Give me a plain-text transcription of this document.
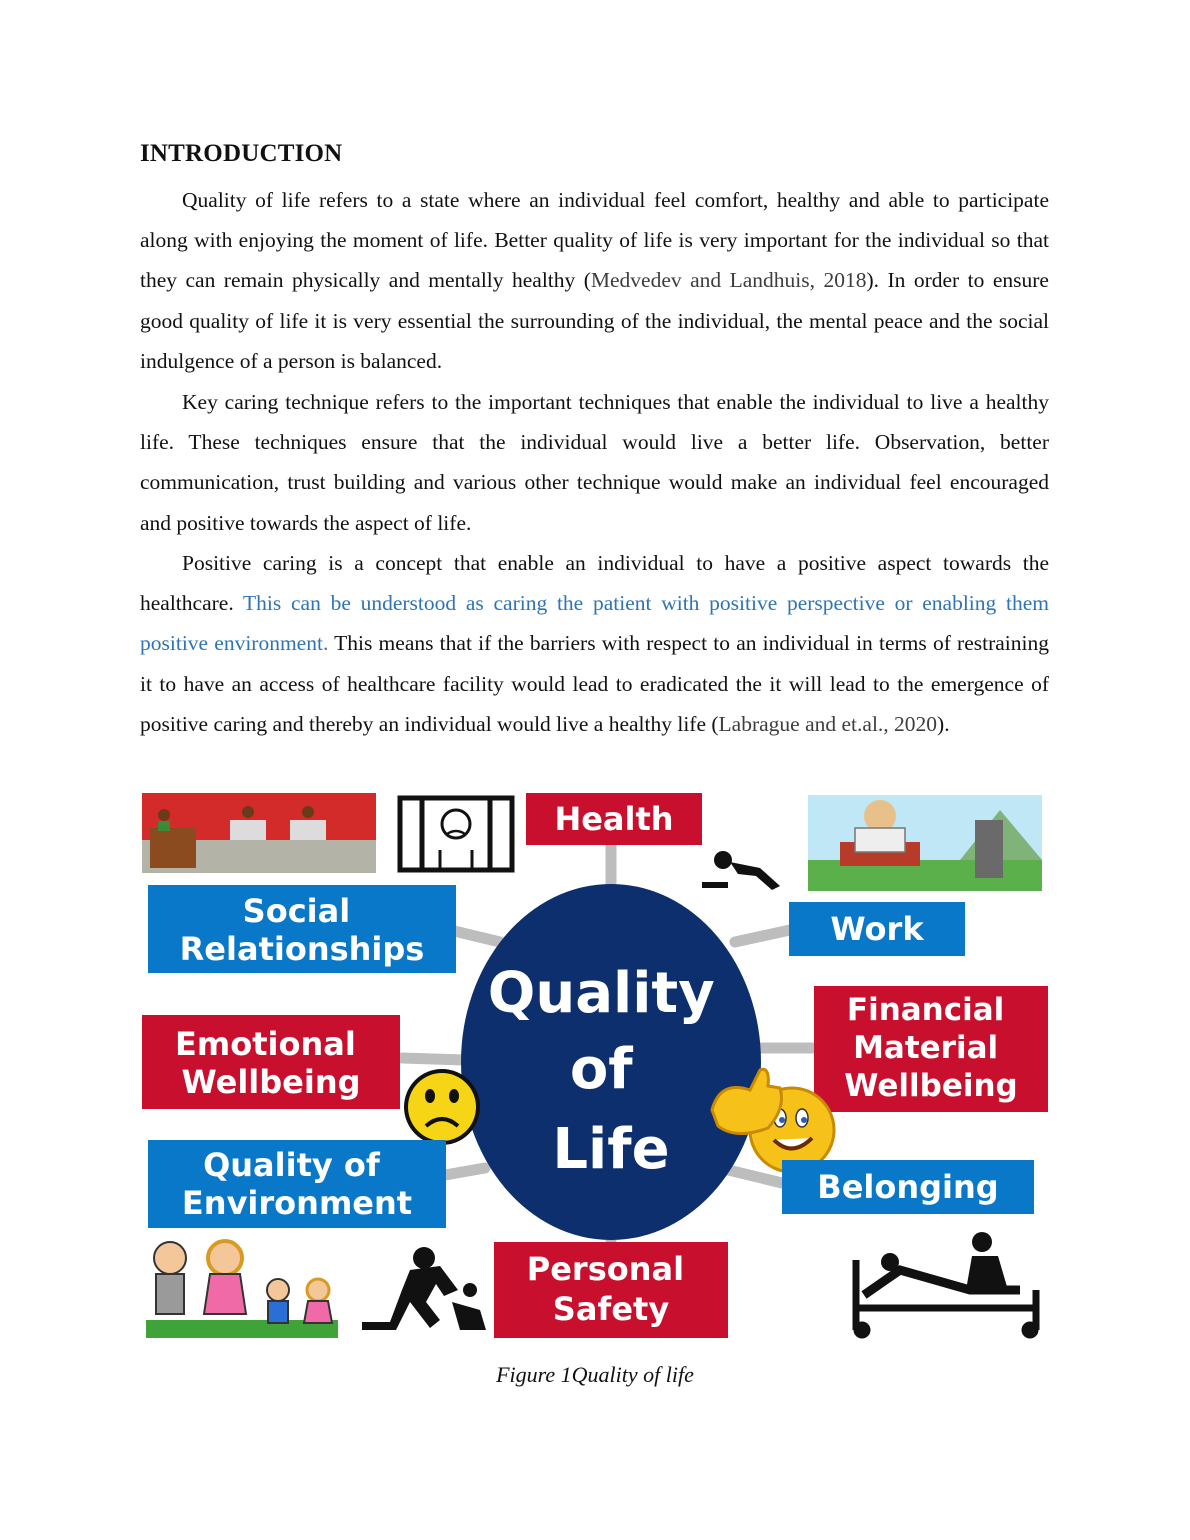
INTRODUCTION

Quality of life refers to a state where an individual feel comfort, healthy and able to participate along with enjoying the moment of life. Better quality of life is very important for the individual so that they can remain physically and mentally healthy (Medvedev and Landhuis, 2018). In order to ensure good quality of life it is very essential the surrounding of the individual, the mental peace and the social indulgence of a person is balanced.

Key caring technique refers to the important techniques that enable the individual to live a healthy life. These techniques ensure that the individual would live a better life. Observation, better communication, trust building and various other technique would make an individual feel encouraged and positive towards the aspect of life.

Positive caring is a concept that enable an individual to have a positive aspect towards the healthcare. This can be understood as caring the patient with positive perspective or enabling them positive environment. This means that if the barriers with respect to an individual in terms of restraining it to have an access of healthcare facility would lead to eradicated the it will lead to the emergence of positive caring and thereby an individual would live a healthy life (Labrague and et.al., 2020).

Quality of Life
Health
Social Relationships
Work
Emotional Wellbeing
Financial Material Wellbeing
Quality of Environment	Belonging
Personal Safety
Figure 1Quality of life
